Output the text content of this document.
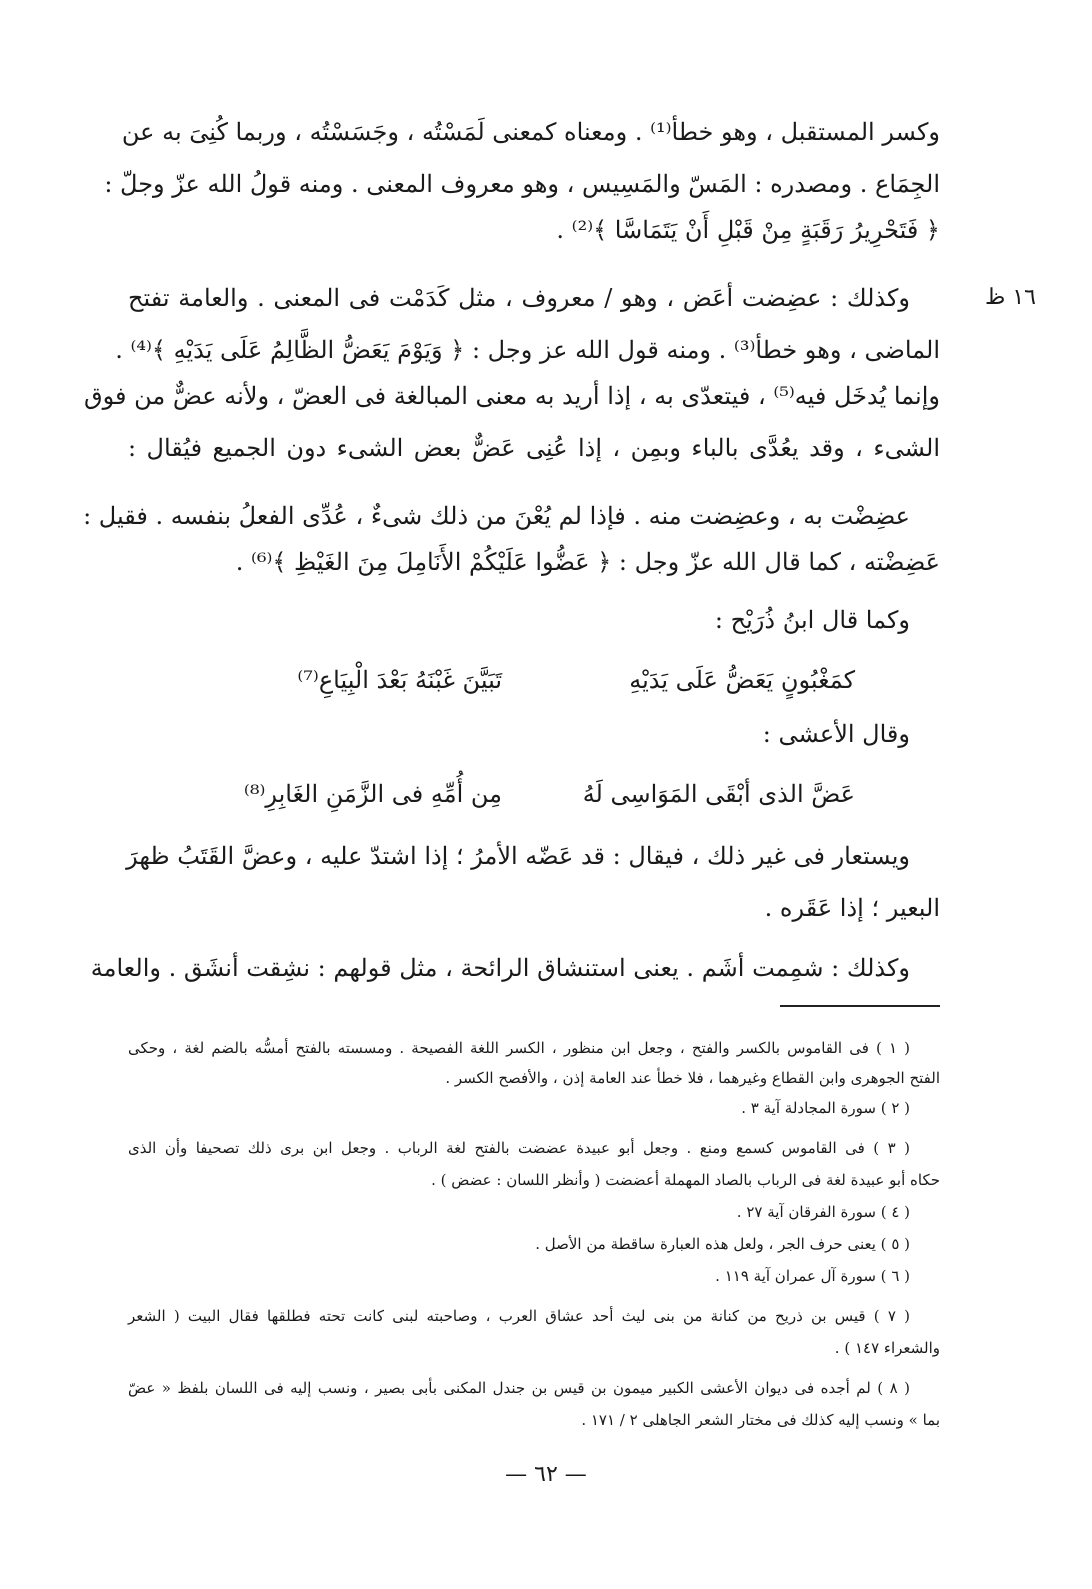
١٦ ظ
وكسر المستقبل ، وهو خطأ⁽¹⁾ . ومعناه كمعنى لَمَسْتُه ، وجَسَسْتُه ، وربما كُنِىَ به عن
الجِمَاع . ومصدره : المَسّ والمَسِيس ، وهو معروف المعنى . ومنه قولُ الله عزّ وجلّ :
﴿ فَتَحْرِيرُ رَقَبَةٍ مِنْ قَبْلِ أَنْ يَتَمَاسَّا ﴾⁽²⁾ .
وكذلك : عضِضت أعَض ، وهو / معروف ، مثل كَدَمْت فى المعنى . والعامة تفتح
الماضى ، وهو خطأ⁽³⁾ . ومنه قول الله عز وجل : ﴿ وَيَوْمَ يَعَضُّ الظَّالِمُ عَلَى يَدَيْهِ ﴾⁽⁴⁾ .
وإنما يُدخَل فيه⁽⁵⁾ ، فيتعدّى به ، إذا أريد به معنى المبالغة فى العضّ ، ولأنه عضٌّ من فوق
الشىء ، وقد يعُدَّى بالباء وبمِن ، إذا عُنِى عَضٌّ بعض الشىء دون الجميع فيُقال :
عضِضْت به ، وعضِضت منه . فإذا لم يُعْنَ من ذلك شىءٌ ، عُدِّى الفعلُ بنفسه . فقيل :
عَضِضْته ، كما قال الله عزّ وجل : ﴿ عَضُّوا عَلَيْكُمْ الأَنَامِلَ مِنَ الغَيْظِ ﴾⁽⁶⁾ .
وكما قال ابنُ ذُرَيْح :
كمَغْبُونٍ يَعَضُّ عَلَى يَدَيْهِ
تَبَيَّنَ غَبْنَهُ بَعْدَ الْبِيَاعِ⁽⁷⁾
وقال الأعشى :
عَضَّ الذى أبْقَى المَوَاسِى لَهُ
مِن أُمِّهِ فى الزَّمَنِ الغَابِرِ⁽⁸⁾
ويستعار فى غير ذلك ، فيقال : قد عَضّه الأمرُ ؛ إذا اشتدّ عليه ، وعضَّ القَتَبُ ظهرَ
البعير ؛ إذا عَقَره .
وكذلك : شمِمت أشَم . يعنى استنشاق الرائحة ، مثل قولهم : نشِقت أنشَق . والعامة
( ١ ) فى القاموس بالكسر والفتح ، وجعل ابن منظور ، الكسر اللغة الفصيحة . ومسسته بالفتح أمسُّه بالضم لغة ، وحكى
الفتح الجوهرى وابن القطاع وغيرهما ، فلا خطأ عند العامة إذن ، والأفصح الكسر .
( ٢ ) سورة المجادلة آية ٣ .
( ٣ ) فى القاموس كسمع ومنع . وجعل أبو عبيدة عضضت بالفتح لغة الرباب . وجعل ابن برى ذلك تصحيفا وأن الذى
حكاه أبو عبيدة لغة فى الرباب بالصاد المهملة أعضضت ( وأنظر اللسان : عضض ) .
( ٤ ) سورة الفرقان آية ٢٧ .
( ٥ ) يعنى حرف الجر ، ولعل هذه العبارة ساقطة من الأصل .
( ٦ ) سورة آل عمران آية ١١٩ .
( ٧ ) قيس بن ذريح من كنانة من بنى ليث أحد عشاق العرب ، وصاحبته لبنى كانت تحته فطلقها فقال البيت ( الشعر
والشعراء ١٤٧ ) .
( ٨ ) لم أجده فى ديوان الأعشى الكبير ميمون بن قيس بن جندل المكنى بأبى بصير ، ونسب إليه فى اللسان بلفظ « عضّ
بما » ونسب إليه كذلك فى مختار الشعر الجاهلى ٢ / ١٧١ .
— ٦٢ —
